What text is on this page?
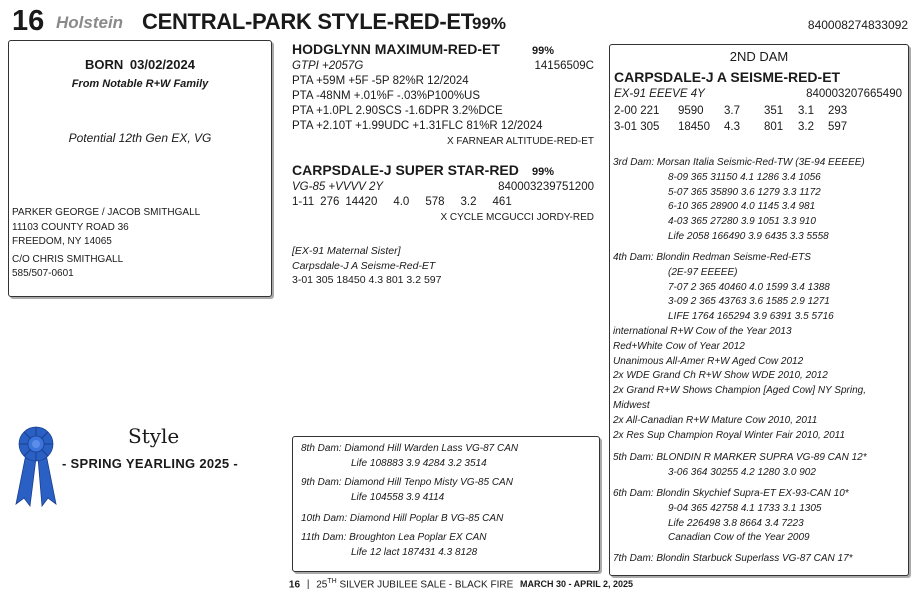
16 Holstein CENTRAL-PARK STYLE-RED-ET
99%	840008274833092
BORN 03/02/2024
From Notable R+W Family
Potential 12th Gen EX, VG
PARKER GEORGE / JACOB SMITHGALL
11103 COUNTY ROAD 36
FREEDOM, NY 14065
C/O CHRIS SMITHGALL
585/507-0601
HODGLYNN MAXIMUM-RED-ET	99%
GTPI +2057G	14156509C
PTA +59M +5F -5P 82%R 12/2024
PTA -48NM +.01%F -.03%P100%US
PTA +1.0PL 2.90SCS -1.6DPR 3.2%DCE
PTA +2.10T +1.99UDC +1.31FLC 81%R 12/2024
X FARNEAR ALTITUDE-RED-ET
CARPSDALE-J SUPER STAR-RED 99%
VG-85 +VVVV 2Y	840003239751200
1-11 276 14420 4.0 578 3.2 461
X CYCLE MCGUCCI JORDY-RED
[EX-91 Maternal Sister]
Carpsdale-J A Seisme-Red-ET
3-01 305 18450 4.3 801 3.2 597
2ND DAM
CARPSDALE-J A SEISME-RED-ET
EX-91 EEEVE 4Y	840003207665490
2-00 221 9590 3.7 351 3.1 293
3-01 305 18450 4.3 801 3.2 597
3rd Dam: Morsan Italia Seismic-Red-TW (3E-94 EEEEE)
8-09 365 31150 4.1 1286 3.4 1056
5-07 365 35890 3.6 1279 3.3 1172
6-10 365 28900 4.0 1145 3.4 981
4-03 365 27280 3.9 1051 3.3 910
Life 2058 166490 3.9 6435 3.3 5558
4th Dam: Blondin Redman Seisme-Red-ETS
(2E-97 EEEEE)
7-07 2 365 40460 4.0 1599 3.4 1388
3-09 2 365 43763 3.6 1585 2.9 1271
LIFE 1764 165294 3.9 6391 3.5 5716
international R+W Cow of the Year 2013
Red+White Cow of Year 2012
Unanimous All-Amer R+W Aged Cow 2012
2x WDE Grand Ch R+W Show WDE 2010, 2012
2x Grand R+W Shows Champion [Aged Cow] NY Spring,
Midwest
2x All-Canadian R+W Mature Cow 2010, 2011
2x Res Sup Champion Royal Winter Fair 2010, 2011
5th Dam: BLONDIN R MARKER SUPRA VG-89 CAN 12*
3-06 364 30255 4.2 1280 3.0 902
6th Dam: Blondin Skychief Supra-ET EX-93-CAN 10*
9-04 365 42758 4.1 1733 3.1 1305
Life 226498 3.8 8664 3.4 7223
Canadian Cow of the Year 2009
7th Dam: Blondin Starbuck Superlass VG-87 CAN 17*
8th Dam: Diamond Hill Warden Lass VG-87 CAN
Life 108883 3.9 4284 3.2 3514
9th Dam: Diamond Hill Tenpo Misty VG-85 CAN
Life 104558 3.9 4114
10th Dam: Diamond Hill Poplar B VG-85 CAN
11th Dam: Broughton Lea Poplar EX CAN
Life 12 lact 187431 4.3 8128
Style
- SPRING YEARLING 2025 -
16 | 25TH SILVER JUBILEE SALE - BLACK FIRE MARCH 30 - APRIL 2, 2025
